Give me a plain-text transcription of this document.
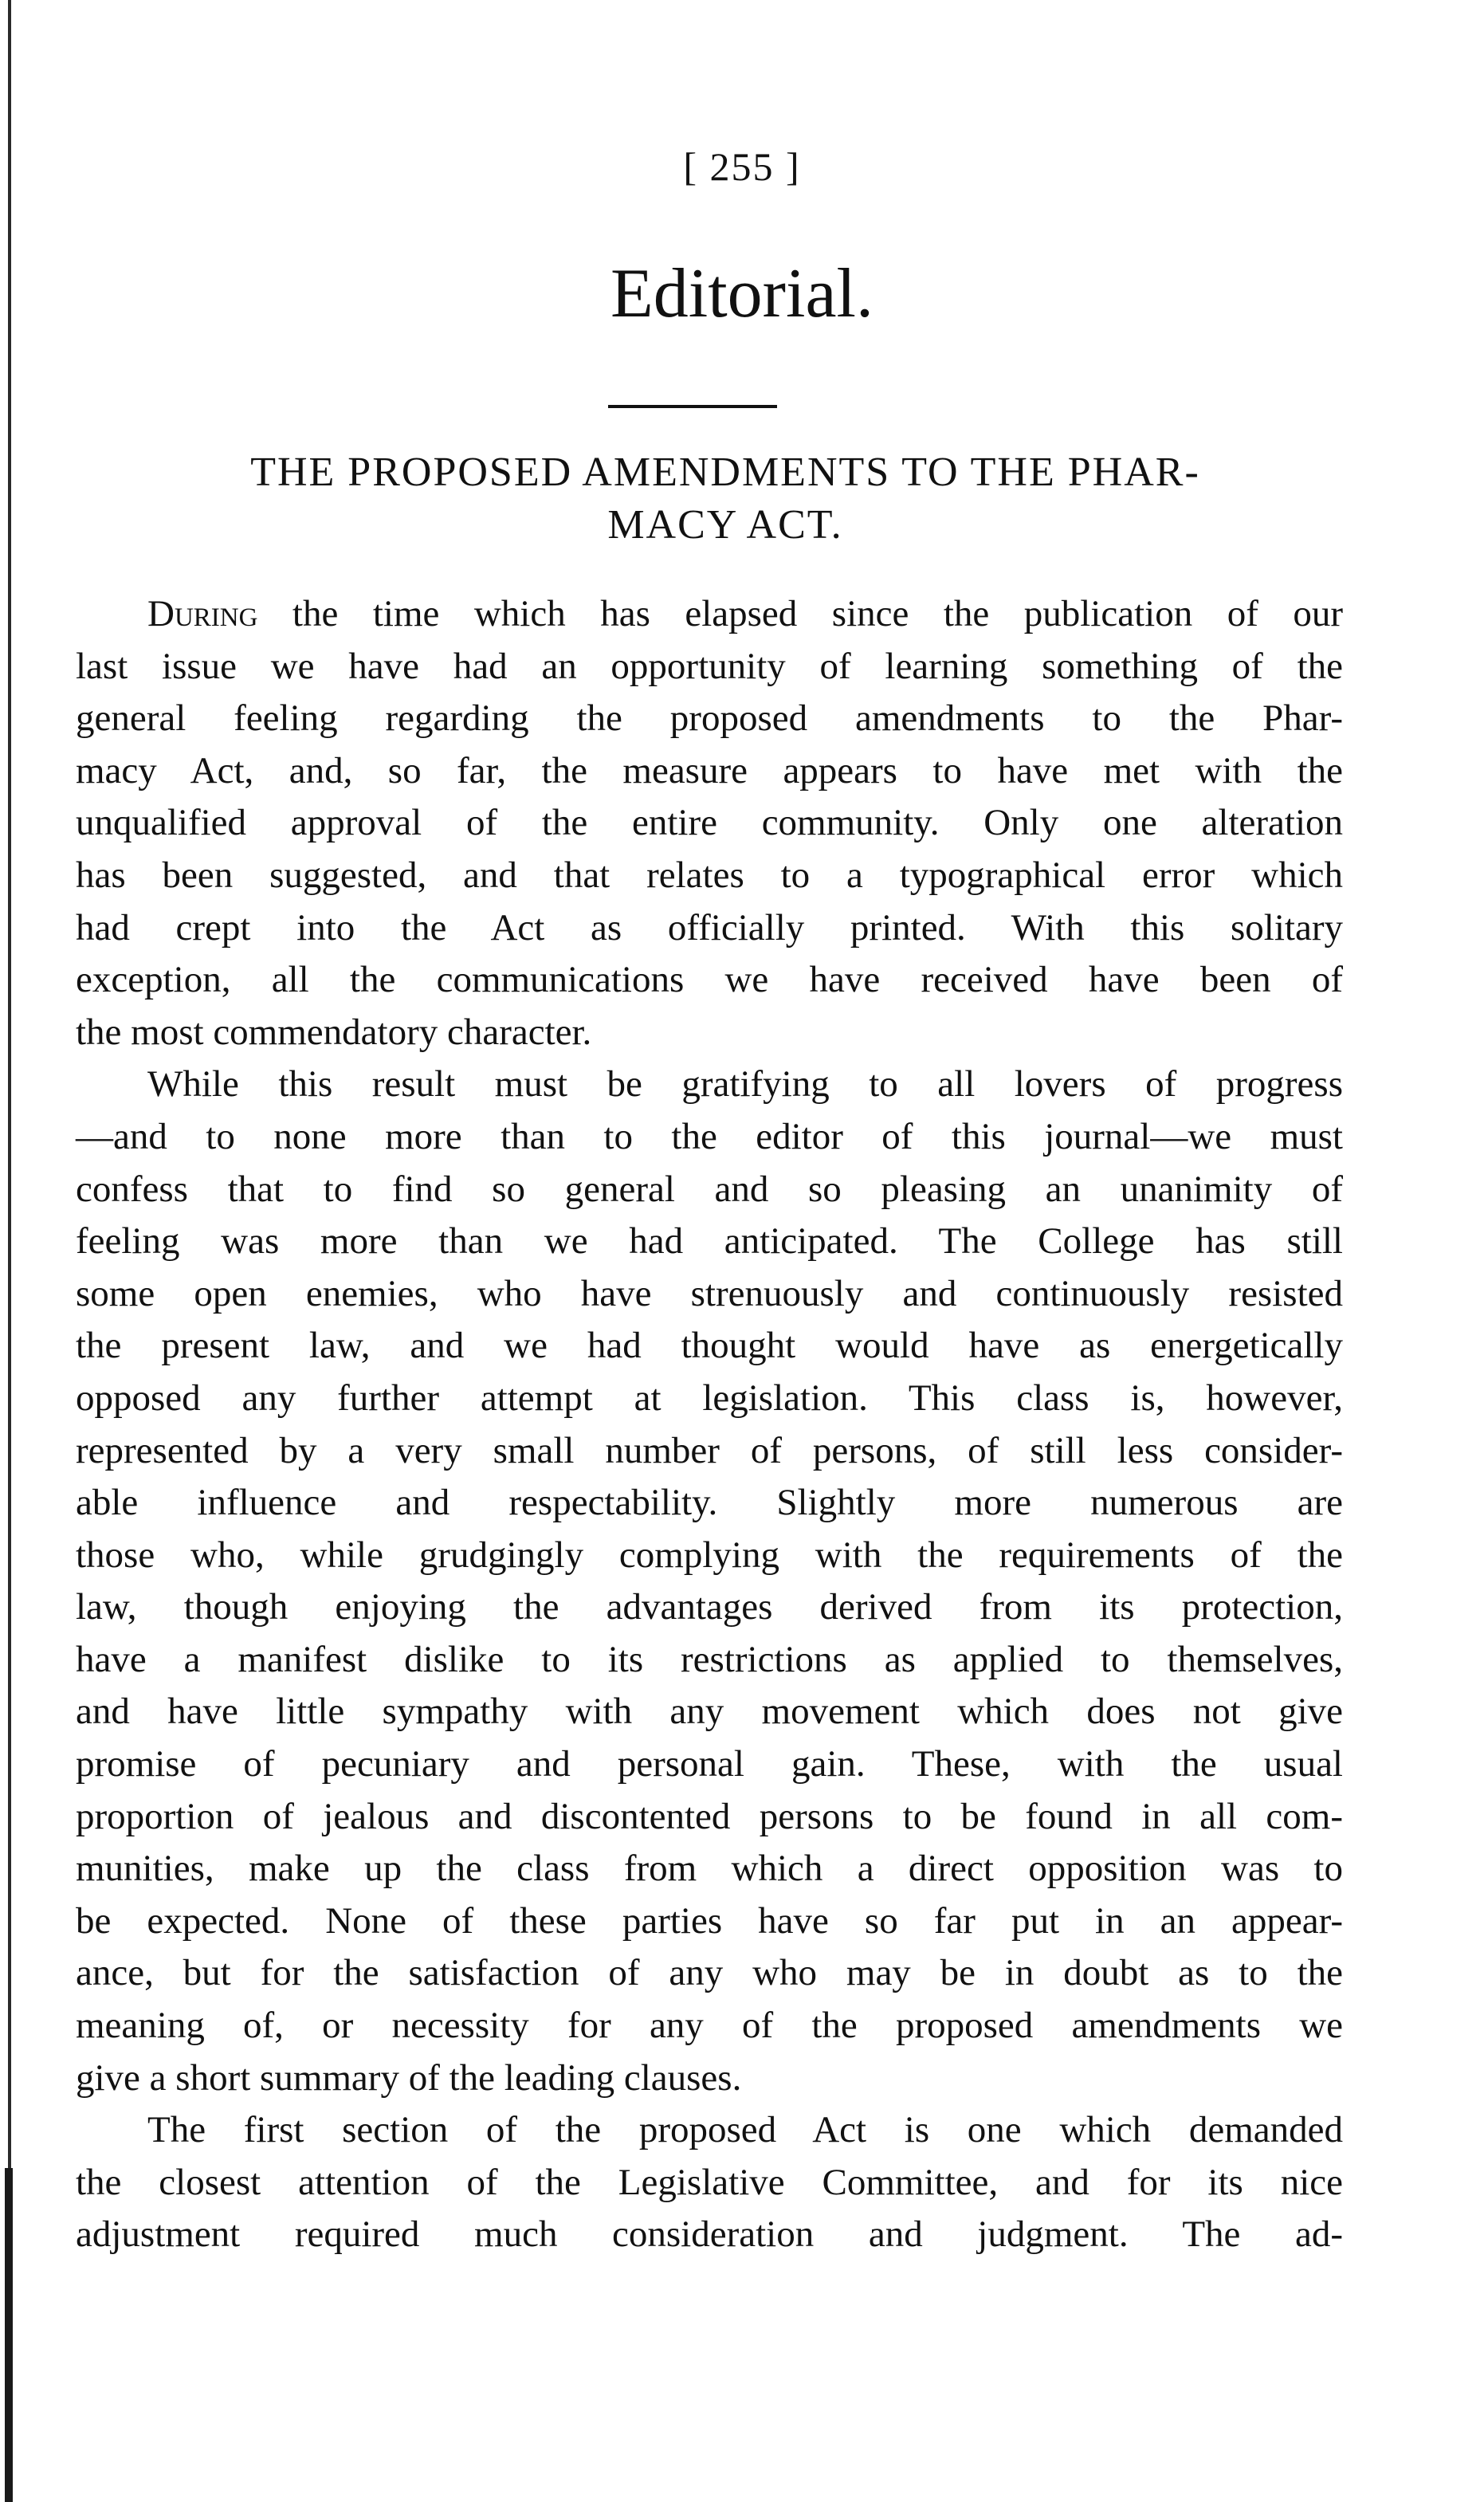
[ 255 ]
Editorial.
THE PROPOSED AMENDMENTS TO THE PHAR-
MACY ACT.
During the time which has elapsed since the publication of our
last issue we have had an opportunity of learning something of the
general feeling regarding the proposed amendments to the Phar-
macy Act, and, so far, the measure appears to have met with the
unqualified approval of the entire community. Only one alteration
has been suggested, and that relates to a typographical error which
had crept into the Act as officially printed. With this solitary
exception, all the communications we have received have been of
the most commendatory character.
While this result must be gratifying to all lovers of progress
—and to none more than to the editor of this journal—we must
confess that to find so general and so pleasing an unanimity of
feeling was more than we had anticipated. The College has still
some open enemies, who have strenuously and continuously resisted
the present law, and we had thought would have as energetically
opposed any further attempt at legislation. This class is, however,
represented by a very small number of persons, of still less consider-
able influence and respectability. Slightly more numerous are
those who, while grudgingly complying with the requirements of the
law, though enjoying the advantages derived from its protection,
have a manifest dislike to its restrictions as applied to themselves,
and have little sympathy with any movement which does not give
promise of pecuniary and personal gain. These, with the usual
proportion of jealous and discontented persons to be found in all com-
munities, make up the class from which a direct opposition was to
be expected. None of these parties have so far put in an appear-
ance, but for the satisfaction of any who may be in doubt as to the
meaning of, or necessity for any of the proposed amendments we
give a short summary of the leading clauses.
The first section of the proposed Act is one which demanded
the closest attention of the Legislative Committee, and for its nice
adjustment required much consideration and judgment. The ad-
